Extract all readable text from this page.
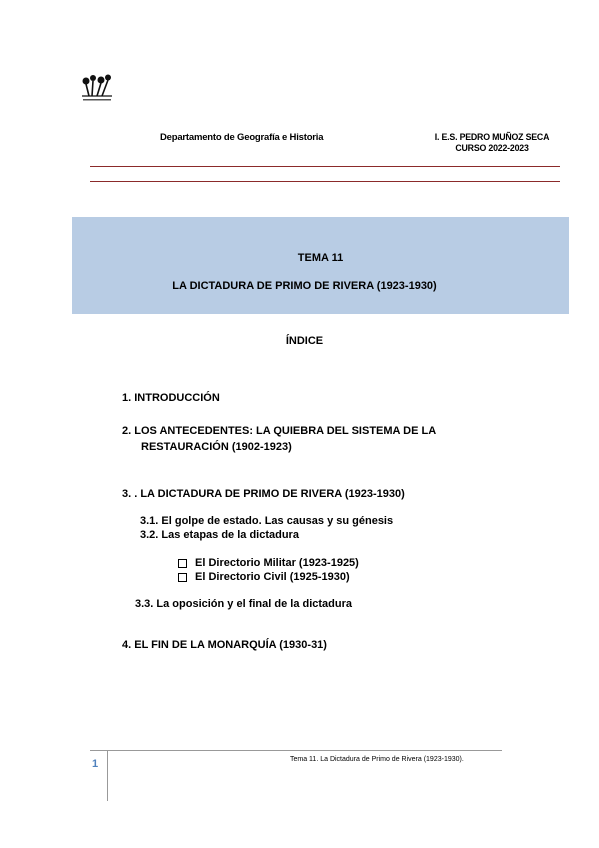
Departamento de Geografía e Historia	I. E.S. PEDRO MUÑOZ SECA
CURSO 2022-2023
TEMA 11
LA DICTADURA DE PRIMO DE RIVERA (1923-1930)
ÍNDICE
1. INTRODUCCIÓN
2. LOS ANTECEDENTES: LA QUIEBRA DEL SISTEMA DE LA
RESTAURACIÓN (1902-1923)
3. . LA DICTADURA DE PRIMO DE RIVERA (1923-1930)
3.1. El golpe de estado. Las causas y su génesis
3.2. Las etapas de la dictadura
El Directorio Militar (1923-1925)
El Directorio Civil (1925-1930)
3.3. La oposición y el final de la dictadura
4. EL FIN DE LA MONARQUÍA (1930-31)
1	Tema 11. La Dictadura de Primo de Rivera (1923-1930).
